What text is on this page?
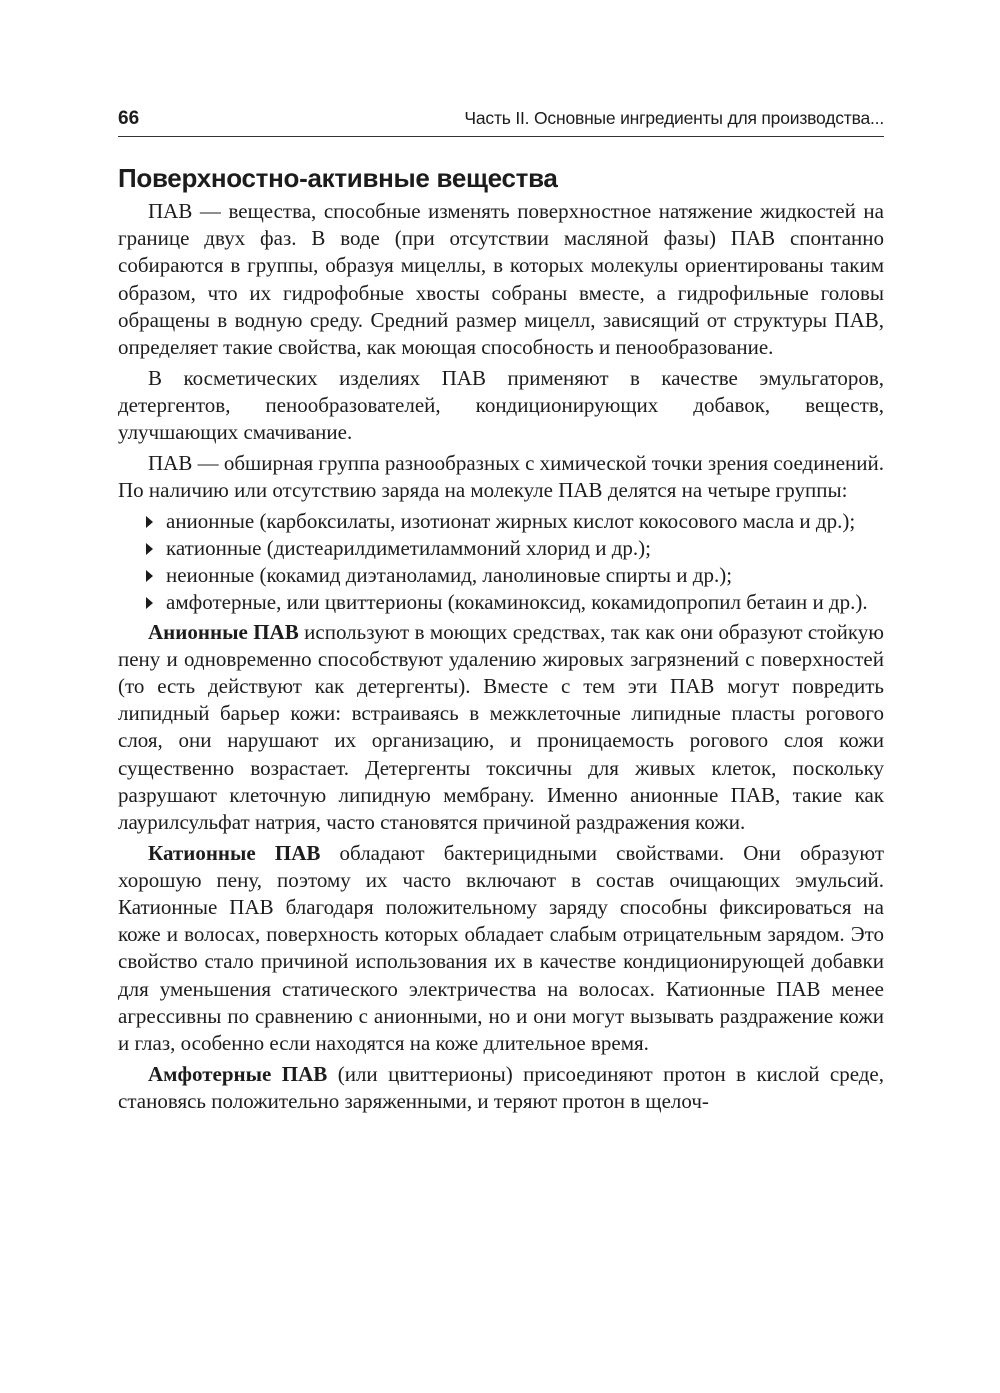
66	Часть II. Основные ингредиенты для производства...
Поверхностно-активные вещества

ПАВ — вещества, способные изменять поверхностное натяжение жидкостей на границе двух фаз. В воде (при отсутствии масляной фазы) ПАВ спонтанно собираются в группы, образуя мицеллы, в которых молекулы ориентированы таким образом, что их гидрофобные хвосты собраны вместе, а гидрофильные головы обращены в водную среду. Средний размер мицелл, зависящий от структуры ПАВ, определяет такие свойства, как моющая способность и пенообразование.

В косметических изделиях ПАВ применяют в качестве эмульгаторов, детергентов, пенообразователей, кондиционирующих добавок, веществ, улучшающих смачивание.

ПАВ — обширная группа разнообразных с химической точки зрения соединений. По наличию или отсутствию заряда на молекуле ПАВ делятся на четыре группы:

анионные (карбоксилаты, изотионат жирных кислот кокосового масла и др.);
катионные (дистеарилдиметиламмоний хлорид и др.);
неионные (кокамид диэтаноламид, ланолиновые спирты и др.);
амфотерные, или цвиттерионы (кокаминоксид, кокамидопропил бетаин и др.).

Анионные ПАВ используют в моющих средствах, так как они образуют стойкую пену и одновременно способствуют удалению жировых загрязнений с поверхностей (то есть действуют как детергенты). Вместе с тем эти ПАВ могут повредить липидный барьер кожи: встраиваясь в межклеточные липидные пласты рогового слоя, они нарушают их организацию, и проницаемость рогового слоя кожи существенно возрастает. Детергенты токсичны для живых клеток, поскольку разрушают клеточную липидную мембрану. Именно анионные ПАВ, такие как лаурилсульфат натрия, часто становятся причиной раздражения кожи.

Катионные ПАВ обладают бактерицидными свойствами. Они образуют хорошую пену, поэтому их часто включают в состав очищающих эмульсий. Катионные ПАВ благодаря положительному заряду способны фиксироваться на коже и волосах, поверхность которых обладает слабым отрицательным зарядом. Это свойство стало причиной использования их в качестве кондиционирующей добавки для уменьшения статического электричества на волосах. Катионные ПАВ менее агрессивны по сравнению с анионными, но и они могут вызывать раздражение кожи и глаз, особенно если находятся на коже длительное время.

Амфотерные ПАВ (или цвиттерионы) присоединяют протон в кислой среде, становясь положительно заряженными, и теряют протон в щелоч-
